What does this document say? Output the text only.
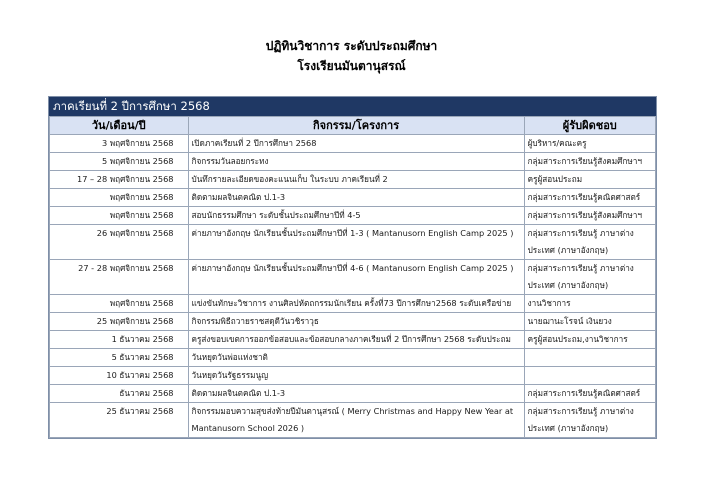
ปฏิทินวิชาการ ระดับประถมศึกษา
โรงเรียนมันตานุสรณ์
ภาคเรียนที่ 2 ปีการศึกษา 2568
วัน/เดือน/ปี	กิจกรรม/โครงการ	ผู้รับผิดชอบ
3 พฤศจิกายน 2568	เปิดภาคเรียนที่ 2 ปีการศึกษา 2568	ผู้บริหาร/คณะครู
5 พฤศจิกายน 2568	กิจกรรมวันลอยกระทง	กลุ่มสาระการเรียนรู้สังคมศึกษาฯ
17 – 28 พฤศจิกายน 2568	บันทึกรายละเอียดของคะแนนเก็บ ในระบบ ภาคเรียนที่ 2	ครูผู้สอนประถม
พฤศจิกายน 2568	ติดตามผลจินตคณิต ป.1-3	กลุ่มสาระการเรียนรู้คณิตศาสตร์
พฤศจิกายน 2568	สอบนักธรรมศึกษา ระดับชั้นประถมศึกษาปีที่ 4-5	กลุ่มสาระการเรียนรู้สังคมศึกษาฯ
26 พฤศจิกายน 2568	ค่ายภาษาอังกฤษ นักเรียนชั้นประถมศึกษาปีที่ 1-3 ( Mantanusorn English Camp 2025 )	กลุ่มสาระการเรียนรู้ ภาษาต่างประเทศ (ภาษาอังกฤษ)
27 - 28 พฤศจิกายน 2568	ค่ายภาษาอังกฤษ นักเรียนชั้นประถมศึกษาปีที่ 4-6 ( Mantanusorn English Camp 2025 )	กลุ่มสาระการเรียนรู้ ภาษาต่างประเทศ (ภาษาอังกฤษ)
พฤศจิกายน 2568	แข่งขันทักษะวิชาการ งานศิลปหัตถกรรมนักเรียน ครั้งที่73 ปีการศึกษา2568 ระดับเครือข่าย	งานวิชาการ
25 พฤศจิกายน 2568	กิจกรรมพิธีถวายราชสดุดีวันวชิราวุธ	นายฌานะโรจน์ เงินยวง
1 ธันวาคม 2568	ครูส่งขอบเขตการออกข้อสอบและข้อสอบกลางภาคเรียนที่ 2 ปีการศึกษา 2568 ระดับประถม	ครูผู้สอนประถม,งานวิชาการ
5 ธันวาคม 2568	วันหยุดวันพ่อแห่งชาติ	
10 ธันวาคม 2568	วันหยุดวันรัฐธรรมนูญ	
ธันวาคม 2568	ติดตามผลจินตคณิต ป.1-3	กลุ่มสาระการเรียนรู้คณิตศาสตร์
25 ธันวาคม 2568	กิจกรรมมอบความสุขส่งท้ายปีมันตานุสรณ์ ( Merry Christmas and Happy New Year at Mantanusorn School 2026 )	กลุ่มสาระการเรียนรู้ ภาษาต่างประเทศ (ภาษาอังกฤษ)
